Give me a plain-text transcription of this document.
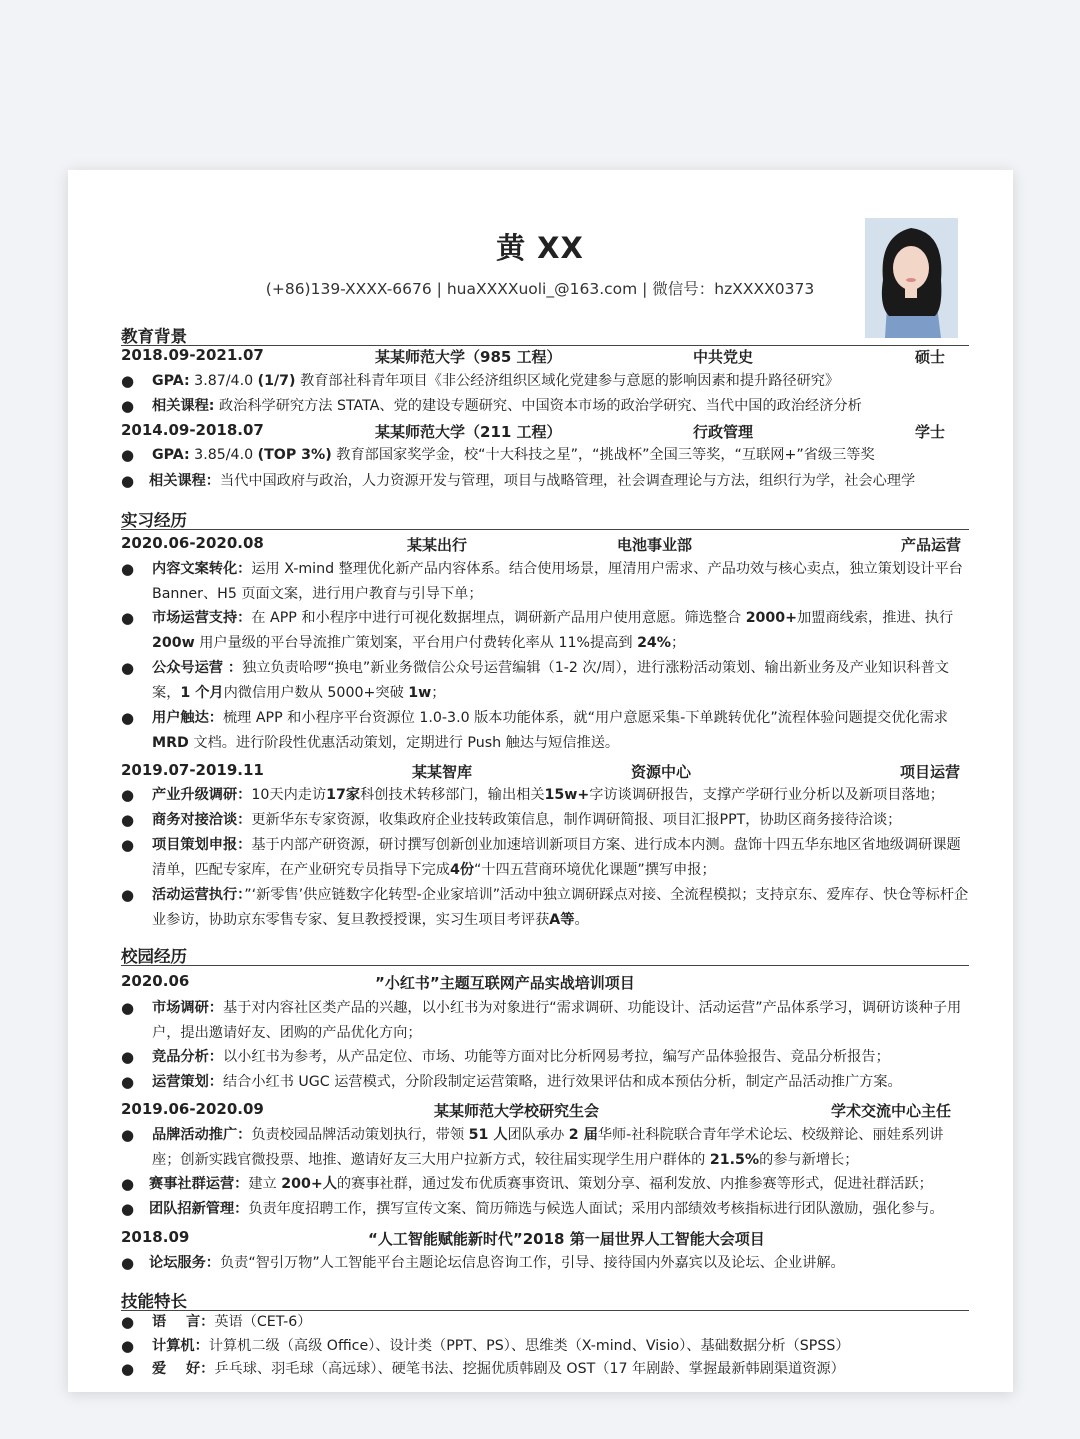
黄 XX
(+86)139-XXXX-6676 | huaXXXXuoli_@163.com | 微信号：hzXXXX0373
教育背景
2018.09-2021.07	某某师范大学（985 工程）	中共党史	硕士
● GPA: 3.87/4.0 (1/7) 教育部社科青年项目《非公经济组织区域化党建参与意愿的影响因素和提升路径研究》
● 相关课程: 政治科学研究方法 STATA、党的建设专题研究、中国资本市场的政治学研究、当代中国的政治经济分析
2014.09-2018.07	某某师范大学（211 工程）	行政管理	学士
● GPA: 3.85/4.0 (TOP 3%) 教育部国家奖学金，校“十大科技之星”，“挑战杯”全国三等奖，“互联网+”省级三等奖
● 相关课程：当代中国政府与政治，人力资源开发与管理，项目与战略管理，社会调查理论与方法，组织行为学，社会心理学
实习经历
2020.06-2020.08	某某出行	电池事业部	产品运营
● 内容文案转化：运用 X-mind 整理优化新产品内容体系。结合使用场景，厘清用户需求、产品功效与核心卖点，独立策划设计平台 Banner、H5 页面文案，进行用户教育与引导下单；
● 市场运营支持：在 APP 和小程序中进行可视化数据埋点，调研新产品用户使用意愿。筛选整合 2000+加盟商线索，推进、执行 200w 用户量级的平台导流推广策划案，平台用户付费转化率从 11%提高到 24%；
● 公众号运营 ：独立负责哈啰“换电”新业务微信公众号运营编辑（1-2 次/周），进行涨粉活动策划、输出新业务及产业知识科普文案，1 个月内微信用户数从 5000+突破 1w；
● 用户触达：梳理 APP 和小程序平台资源位 1.0-3.0 版本功能体系，就“用户意愿采集-下单跳转优化”流程体验问题提交优化需求 MRD 文档。进行阶段性优惠活动策划，定期进行 Push 触达与短信推送。
2019.07-2019.11	某某智库	资源中心	项目运营
● 产业升级调研：10天内走访17家科创技术转移部门，输出相关15w+字访谈调研报告，支撑产学研行业分析以及新项目落地；
● 商务对接洽谈：更新华东专家资源，收集政府企业技转政策信息，制作调研简报、项目汇报PPT，协助区商务接待洽谈；
● 项目策划申报：基于内部产研资源，研讨撰写创新创业加速培训新项目方案、进行成本内测。盘饰十四五华东地区省地级调研课题清单，匹配专家库，在产业研究专员指导下完成4份“十四五营商环境优化课题”撰写申报；
● 活动运营执行：”‘新零售’供应链数字化转型-企业家培训”活动中独立调研踩点对接、全流程模拟；支持京东、爱库存、快仓等标杆企业参访，协助京东零售专家、复旦教授授课，实习生项目考评获A等。
校园经历
2020.06	”小红书”主题互联网产品实战培训项目
● 市场调研：基于对内容社区类产品的兴趣，以小红书为对象进行“需求调研、功能设计、活动运营”产品体系学习，调研访谈种子用户，提出邀请好友、团购的产品优化方向；
● 竞品分析：以小红书为参考，从产品定位、市场、功能等方面对比分析网易考拉，编写产品体验报告、竞品分析报告；
● 运营策划：结合小红书 UGC 运营模式，分阶段制定运营策略，进行效果评估和成本预估分析，制定产品活动推广方案。
2019.06-2020.09	某某师范大学校研究生会	学术交流中心主任
● 品牌活动推广：负责校园品牌活动策划执行，带领 51 人团队承办 2 届华师-社科院联合青年学术论坛、校级辩论、丽娃系列讲座；创新实践官微投票、地推、邀请好友三大用户拉新方式，较往届实现学生用户群体的 21.5%的参与新增长；
● 赛事社群运营：建立 200+人的赛事社群，通过发布优质赛事资讯、策划分享、福利发放、内推参赛等形式，促进社群活跃；
● 团队招新管理：负责年度招聘工作，撰写宣传文案、简历筛选与候选人面试；采用内部绩效考核指标进行团队激励，强化参与。
2018.09	“人工智能赋能新时代”2018 第一届世界人工智能大会项目
● 论坛服务：负责“智引万物”人工智能平台主题论坛信息咨询工作，引导、接待国内外嘉宾以及论坛、企业讲解。
技能特长
● 语    言：英语（CET-6）
● 计算机：计算机二级（高级 Office）、设计类（PPT、PS）、思维类（X-mind、Visio）、基础数据分析（SPSS）
● 爱    好：乒乓球、羽毛球（高远球）、硬笔书法、挖掘优质韩剧及 OST（17 年剧龄、掌握最新韩剧渠道资源）
